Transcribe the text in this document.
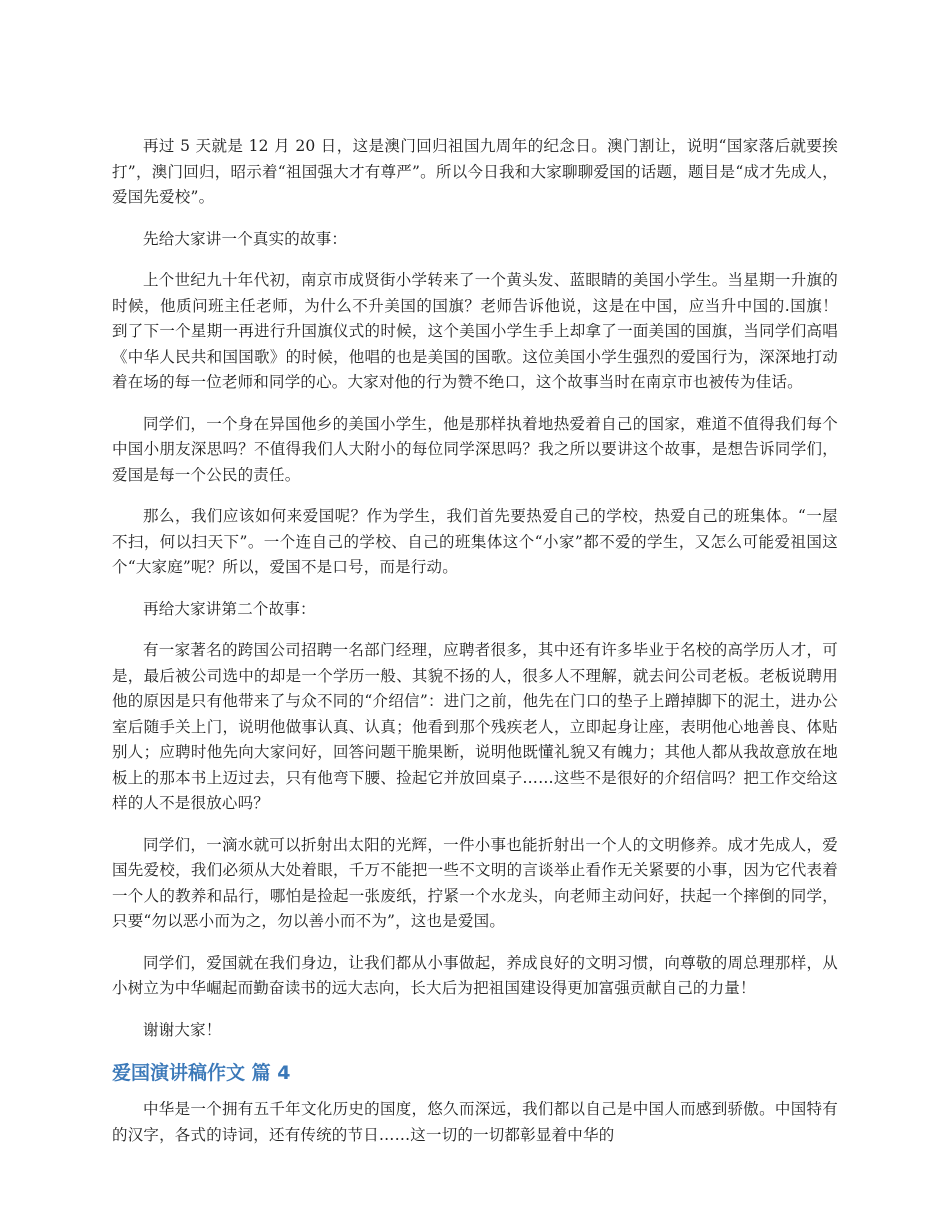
再过 5 天就是 12 月 20 日，这是澳门回归祖国九周年的纪念日。澳门割让，说明“国家落后就要挨打”，澳门回归，昭示着“祖国强大才有尊严”。所以今日我和大家聊聊爱国的话题，题目是“成才先成人，爱国先爱校”。

先给大家讲一个真实的故事：

上个世纪九十年代初，南京市成贤街小学转来了一个黄头发、蓝眼睛的美国小学生。当星期一升旗的时候，他质问班主任老师，为什么不升美国的国旗？老师告诉他说，这是在中国，应当升中国的.国旗！到了下一个星期一再进行升国旗仪式的时候，这个美国小学生手上却拿了一面美国的国旗，当同学们高唱《中华人民共和国国歌》的时候，他唱的也是美国的国歌。这位美国小学生强烈的爱国行为，深深地打动着在场的每一位老师和同学的心。大家对他的行为赞不绝口，这个故事当时在南京市也被传为佳话。

同学们，一个身在异国他乡的美国小学生，他是那样执着地热爱着自己的国家，难道不值得我们每个中国小朋友深思吗？不值得我们人大附小的每位同学深思吗？我之所以要讲这个故事，是想告诉同学们，爱国是每一个公民的责任。

那么，我们应该如何来爱国呢？作为学生，我们首先要热爱自己的学校，热爱自己的班集体。“一屋不扫，何以扫天下”。一个连自己的学校、自己的班集体这个“小家”都不爱的学生，又怎么可能爱祖国这个“大家庭”呢？所以，爱国不是口号，而是行动。

再给大家讲第二个故事：

有一家著名的跨国公司招聘一名部门经理，应聘者很多，其中还有许多毕业于名校的高学历人才，可是，最后被公司选中的却是一个学历一般、其貌不扬的人，很多人不理解，就去问公司老板。老板说聘用他的原因是只有他带来了与众不同的“介绍信”：进门之前，他先在门口的垫子上蹭掉脚下的泥土，进办公室后随手关上门，说明他做事认真、认真；他看到那个残疾老人，立即起身让座，表明他心地善良、体贴别人；应聘时他先向大家问好，回答问题干脆果断，说明他既懂礼貌又有魄力；其他人都从我故意放在地板上的那本书上迈过去，只有他弯下腰、捡起它并放回桌子……这些不是很好的介绍信吗？把工作交给这样的人不是很放心吗？

同学们，一滴水就可以折射出太阳的光辉，一件小事也能折射出一个人的文明修养。成才先成人，爱国先爱校，我们必须从大处着眼，千万不能把一些不文明的言谈举止看作无关紧要的小事，因为它代表着一个人的教养和品行，哪怕是捡起一张废纸，拧紧一个水龙头，向老师主动问好，扶起一个摔倒的同学，只要“勿以恶小而为之，勿以善小而不为”，这也是爱国。

同学们，爱国就在我们身边，让我们都从小事做起，养成良好的文明习惯，向尊敬的周总理那样，从小树立为中华崛起而勤奋读书的远大志向，长大后为把祖国建设得更加富强贡献自己的力量！

谢谢大家！

爱国演讲稿作文 篇 4

中华是一个拥有五千年文化历史的国度，悠久而深远，我们都以自己是中国人而感到骄傲。中国特有的汉字，各式的诗词，还有传统的节日……这一切的一切都彰显着中华的
